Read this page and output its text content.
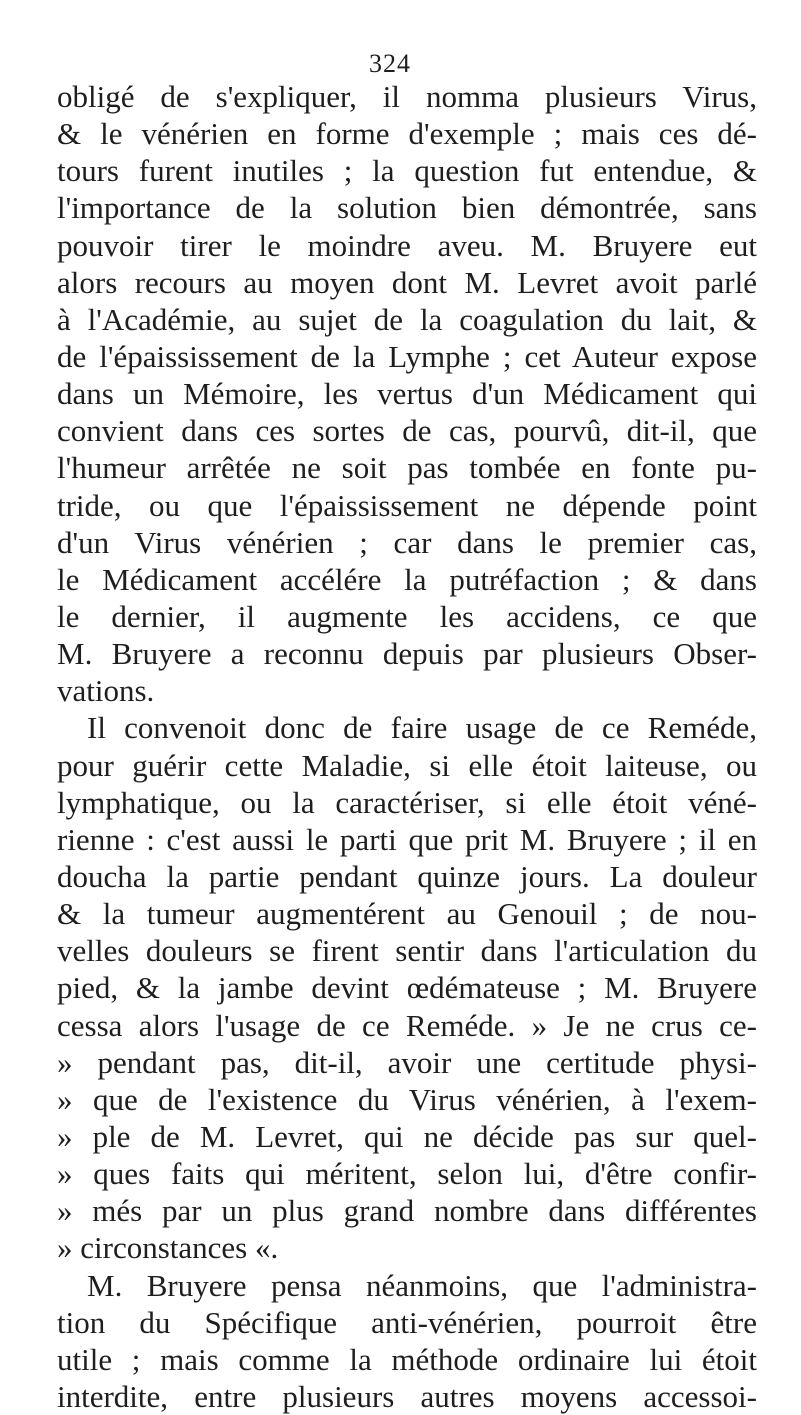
324
obligé de s'expliquer, il nomma plusieurs Virus,
& le vénérien en forme d'exemple ; mais ces dé-
tours furent inutiles ; la question fut entendue, &
l'importance de la solution bien démontrée, sans
pouvoir tirer le moindre aveu. M. Bruyere eut
alors recours au moyen dont M. Levret avoit parlé
à l'Académie, au sujet de la coagulation du lait, &
de l'épaississement de la Lymphe ; cet Auteur expose
dans un Mémoire, les vertus d'un Médicament qui
convient dans ces sortes de cas, pourvû, dit-il, que
l'humeur arrêtée ne soit pas tombée en fonte pu-
tride, ou que l'épaississement ne dépende point
d'un Virus vénérien ; car dans le premier cas,
le Médicament accélére la putréfaction ; & dans
le dernier, il augmente les accidens, ce que
M. Bruyere a reconnu depuis par plusieurs Obser-
vations.
Il convenoit donc de faire usage de ce Reméde,
pour guérir cette Maladie, si elle étoit laiteuse, ou
lymphatique, ou la caractériser, si elle étoit véné-
rienne : c'est aussi le parti que prit M. Bruyere ; il en
doucha la partie pendant quinze jours. La douleur
& la tumeur augmentérent au Genouil ; de nou-
velles douleurs se firent sentir dans l'articulation du
pied, & la jambe devint œdémateuse ; M. Bruyere
cessa alors l'usage de ce Reméde. » Je ne crus ce-
» pendant pas, dit-il, avoir une certitude physi-
» que de l'existence du Virus vénérien, à l'exem-
» ple de M. Levret, qui ne décide pas sur quel-
» ques faits qui méritent, selon lui, d'être confir-
» més par un plus grand nombre dans différentes
» circonstances «.
M. Bruyere pensa néanmoins, que l'administra-
tion du Spécifique anti-vénérien, pourroit être
utile ; mais comme la méthode ordinaire lui étoit
interdite, entre plusieurs autres moyens accessoi-
